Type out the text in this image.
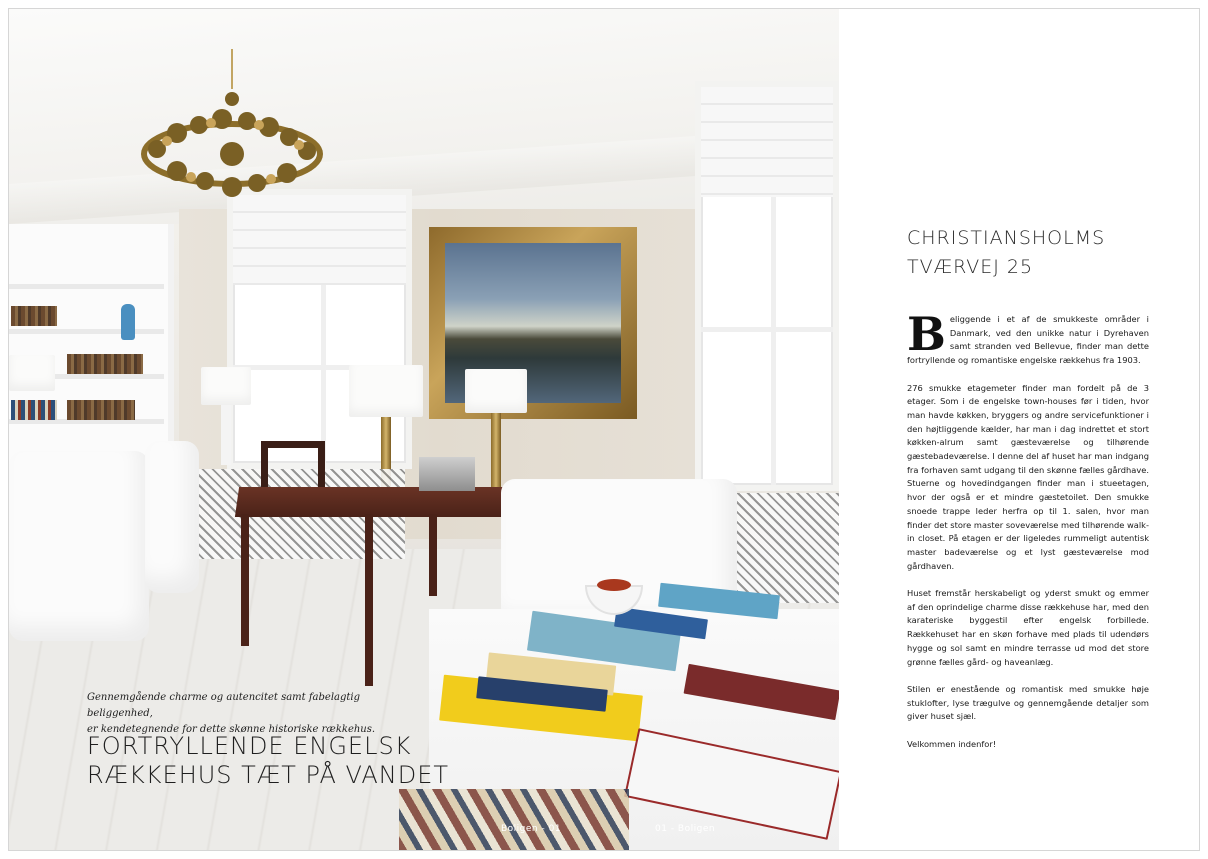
Gennemgående charme og autencitet samt fabelagtig beliggenhed,
er kendetegnende for dette skønne historiske rækkehus.
FORTRYLLENDE ENGELSK
RÆKKEHUS TÆT PÅ VANDET
Boligen - 01	01 - Boligen
CHRISTIANSHOLMS
TVÆRVEJ 25

Beliggende i et af de smukkeste områder i Danmark, ved den unikke natur i Dyrehaven samt stranden ved Bellevue, finder man dette fortryllende og romantiske engelske rækkehus fra 1903.

276 smukke etagemeter finder man fordelt på de 3 etager. Som i de engelske town-houses før i tiden, hvor man havde køkken, bryggers og andre servicefunktioner i den højtliggende kælder, har man i dag indrettet et stort køkken-alrum samt gæsteværelse og tilhørende gæstebadeværelse. I denne del af huset har man indgang fra forhaven samt udgang til den skønne fælles gårdhave. Stuerne og hovedindgangen finder man i stueetagen, hvor der også er et mindre gæstetoilet. Den smukke snoede trappe leder herfra op til 1. salen, hvor man finder det store master soveværelse med tilhørende walk-in closet. På etagen er der ligeledes rummeligt autentisk master badeværelse og et lyst gæsteværelse mod gårdhaven.

Huset fremstår herskabeligt og yderst smukt og emmer af den oprindelige charme disse rækkehuse har, med den karateriske byggestil efter engelsk forbillede. Rækkehuset har en skøn forhave med plads til udendørs hygge og sol samt en mindre terrasse ud mod det store grønne fælles gård- og haveanlæg.

Stilen er enestående og romantisk med smukke høje stuklofter, lyse trægulve og gennemgående detaljer som giver huset sjæl.

Velkommen indenfor!
